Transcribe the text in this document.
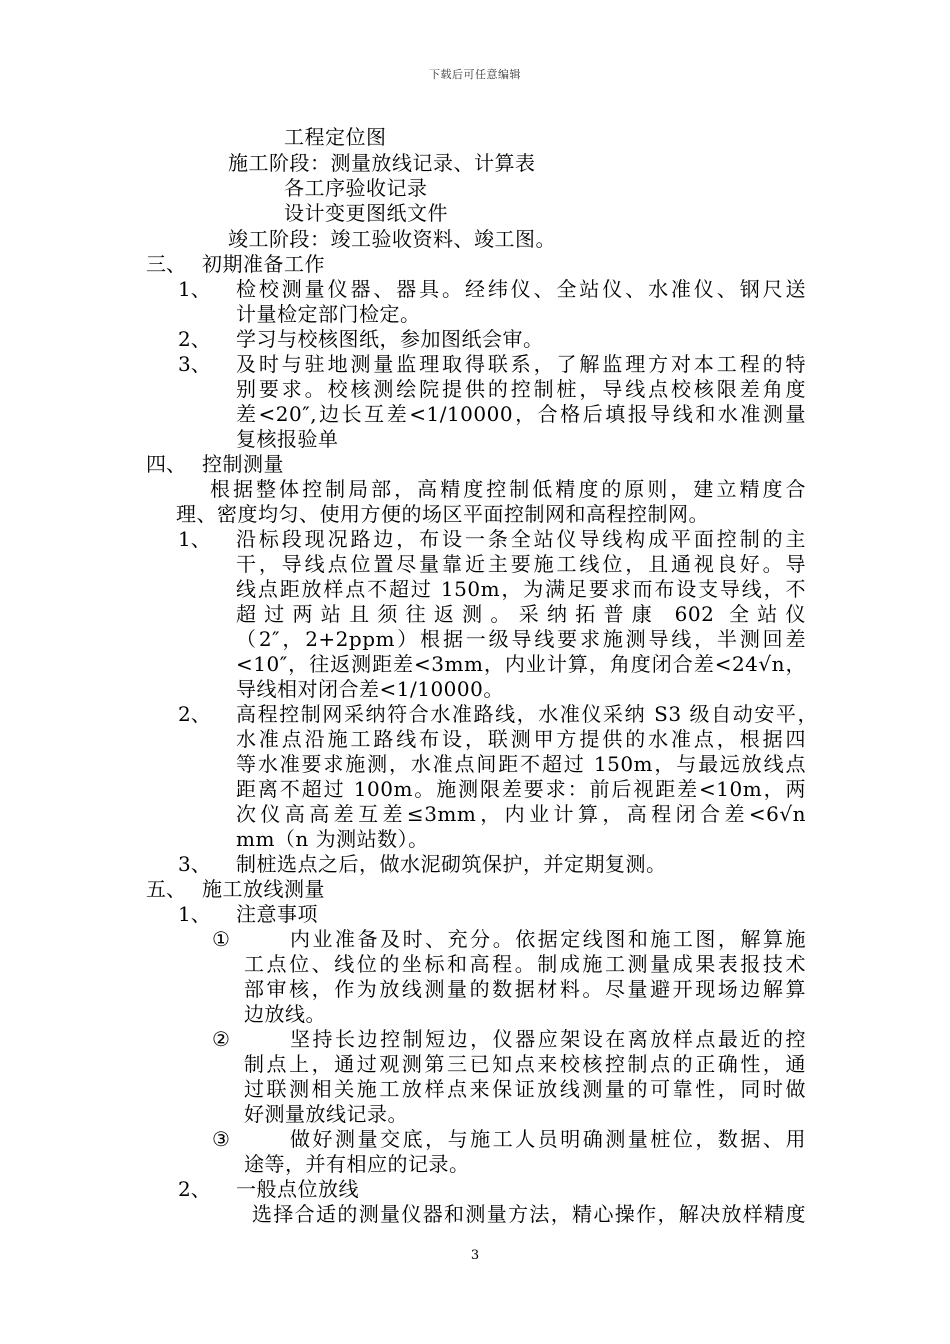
下载后可任意编辑
工程定位图
施工阶段：测量放线记录、计算表
各工序验收记录
设计变更图纸文件
竣工阶段：竣工验收资料、竣工图。
三、 初期准备工作
1、 检校测量仪器、器具。经纬仪、全站仪、水准仪、钢尺送
计量检定部门检定。
2、 学习与校核图纸，参加图纸会审。
3、 及时与驻地测量监理取得联系，了解监理方对本工程的特
别要求。校核测绘院提供的控制桩，导线点校核限差角度
差<20″,边长互差<1/10000，合格后填报导线和水准测量
复核报验单
四、 控制测量
根据整体控制局部，高精度控制低精度的原则，建立精度合
理、密度均匀、使用方便的场区平面控制网和高程控制网。
1、 沿标段现况路边，布设一条全站仪导线构成平面控制的主
干，导线点位置尽量靠近主要施工线位，且通视良好。导
线点距放样点不超过 150m，为满足要求而布设支导线，不
超过两站且须往返测。采纳拓普康 602 全站仪
（2″，2+2ppm）根据一级导线要求施测导线，半测回差
<10″，往返测距差<3mm，内业计算，角度闭合差<24√n，
导线相对闭合差<1/10000。
2、 高程控制网采纳符合水准路线，水准仪采纳 S3 级自动安平，
水准点沿施工路线布设，联测甲方提供的水准点，根据四
等水准要求施测，水准点间距不超过 150m，与最远放线点
距离不超过 100m。施测限差要求：前后视距差<10m，两
次仪高高差互差≤3mm，内业计算，高程闭合差<6√n
mm（n 为测站数）。
3、 制桩选点之后，做水泥砌筑保护，并定期复测。
五、 施工放线测量
1、 注意事项
①	内业准备及时、充分。依据定线图和施工图，解算施
工点位、线位的坐标和高程。制成施工测量成果表报技术
部审核，作为放线测量的数据材料。尽量避开现场边解算
边放线。
②	坚持长边控制短边，仪器应架设在离放样点最近的控
制点上，通过观测第三已知点来校核控制点的正确性，通
过联测相关施工放样点来保证放线测量的可靠性，同时做
好测量放线记录。
③	做好测量交底，与施工人员明确测量桩位，数据、用
途等，并有相应的记录。
2、 一般点位放线
选择合适的测量仪器和测量方法，精心操作，解决放样精度
3
